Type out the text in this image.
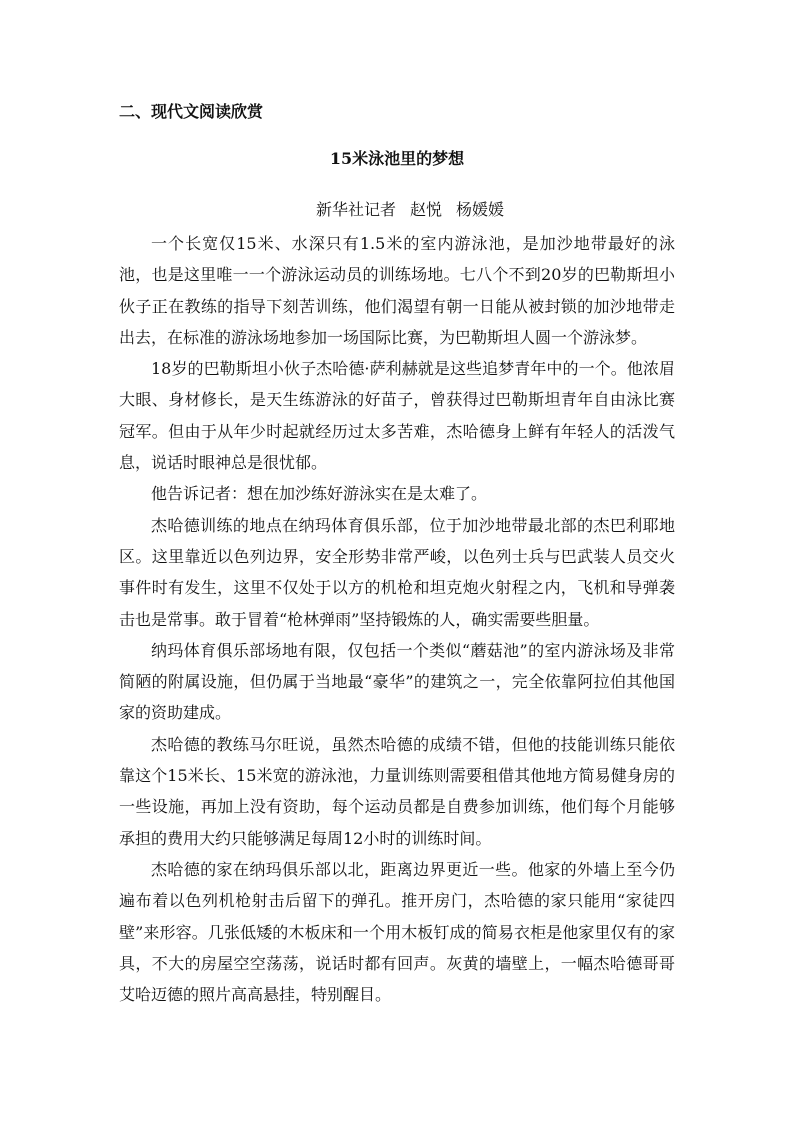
二、现代文阅读欣赏
15米泳池里的梦想
新华社记者 赵悦 杨媛媛

一个长宽仅15米、水深只有1.5米的室内游泳池，是加沙地带最好的泳池，也是这里唯一一个游泳运动员的训练场地。七八个不到20岁的巴勒斯坦小伙子正在教练的指导下刻苦训练，他们渴望有朝一日能从被封锁的加沙地带走出去，在标准的游泳场地参加一场国际比赛，为巴勒斯坦人圆一个游泳梦。

18岁的巴勒斯坦小伙子杰哈德·萨利赫就是这些追梦青年中的一个。他浓眉大眼、身材修长，是天生练游泳的好苗子，曾获得过巴勒斯坦青年自由泳比赛冠军。但由于从年少时起就经历过太多苦难，杰哈德身上鲜有年轻人的活泼气息，说话时眼神总是很忧郁。

他告诉记者：想在加沙练好游泳实在是太难了。

杰哈德训练的地点在纳玛体育俱乐部，位于加沙地带最北部的杰巴利耶地区。这里靠近以色列边界，安全形势非常严峻，以色列士兵与巴武装人员交火事件时有发生，这里不仅处于以方的机枪和坦克炮火射程之内，飞机和导弹袭击也是常事。敢于冒着“枪林弹雨”坚持锻炼的人，确实需要些胆量。

纳玛体育俱乐部场地有限，仅包括一个类似“蘑菇池”的室内游泳场及非常简陋的附属设施，但仍属于当地最“豪华”的建筑之一，完全依靠阿拉伯其他国家的资助建成。

杰哈德的教练马尔旺说，虽然杰哈德的成绩不错，但他的技能训练只能依靠这个15米长、15米宽的游泳池，力量训练则需要租借其他地方简易健身房的一些设施，再加上没有资助，每个运动员都是自费参加训练，他们每个月能够承担的费用大约只能够满足每周12小时的训练时间。

杰哈德的家在纳玛俱乐部以北，距离边界更近一些。他家的外墙上至今仍遍布着以色列机枪射击后留下的弹孔。推开房门，杰哈德的家只能用“家徒四壁”来形容。几张低矮的木板床和一个用木板钉成的简易衣柜是他家里仅有的家具，不大的房屋空空荡荡，说话时都有回声。灰黄的墙壁上，一幅杰哈德哥哥艾哈迈德的照片高高悬挂，特别醒目。
